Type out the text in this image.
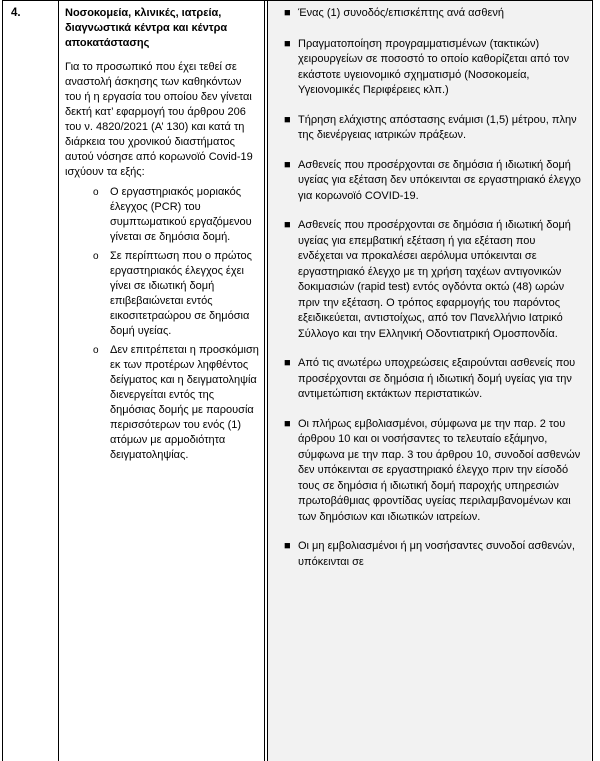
4.	Νοσοκομεία, κλινικές, ιατρεία, διαγνωστικά κέντρα και κέντρα αποκατάστασης

Για το προσωπικό που έχει τεθεί σε αναστολή άσκησης των καθηκόντων του ή η εργασία του οποίου δεν γίνεται δεκτή κατ’ εφαρμογή του άρθρου 206 του ν. 4820/2021 (Α’ 130) και κατά τη διάρκεια του χρονικού διαστήματος αυτού νόσησε από κορωνοϊό Covid-19 ισχύουν τα εξής:

o Ο εργαστηριακός μοριακός έλεγχος (PCR) του συμπτωματικού εργαζόμενου γίνεται σε δημόσια δομή.
o Σε περίπτωση που ο πρώτος εργαστηριακός έλεγχος έχει γίνει σε ιδιωτική δομή επιβεβαιώνεται εντός εικοσιτετραώρου σε δημόσια δομή υγείας.
o Δεν επιτρέπεται η προσκόμιση εκ των προτέρων ληφθέντος δείγματος και η δειγματοληψία διενεργείται εντός της δημόσιας δομής με παρουσία περισσότερων του ενός (1) ατόμων με αρμοδιότητα δειγματοληψίας.
■ Ένας (1) συνοδός/επισκέπτης ανά ασθενή
■ Πραγματοποίηση προγραμματισμένων (τακτικών) χειρουργείων σε ποσοστό το οποίο καθορίζεται από τον εκάστοτε υγειονομικό σχηματισμό (Νοσοκομεία, Υγειονομικές Περιφέρειες κλπ.)
■ Τήρηση ελάχιστης απόστασης ενάμισι (1,5) μέτρου, πλην της διενέργειας ιατρικών πράξεων.
■ Ασθενείς που προσέρχονται σε δημόσια ή ιδιωτική δομή υγείας για εξέταση δεν υπόκεινται σε εργαστηριακό έλεγχο για κορωνοϊό COVID-19.
■ Ασθενείς που προσέρχονται σε δημόσια ή ιδιωτική δομή υγείας για επεμβατική εξέταση ή για εξέταση που ενδέχεται να προκαλέσει αερόλυμα υπόκεινται σε εργαστηριακό έλεγχο με τη χρήση ταχέων αντιγονικών δοκιμασιών (rapid test) εντός ογδόντα οκτώ (48) ωρών πριν την εξέταση. Ο τρόπος εφαρμογής του παρόντος εξειδικεύεται, αντιστοίχως, από τον Πανελλήνιο Ιατρικό Σύλλογο και την Ελληνική Οδοντιατρική Ομοσπονδία.
■ Από τις ανωτέρω υποχρεώσεις εξαιρούνται ασθενείς που προσέρχονται σε δημόσια ή ιδιωτική δομή υγείας για την αντιμετώπιση εκτάκτων περιστατικών.
■ Οι πλήρως εμβολιασμένοι, σύμφωνα με την παρ. 2 του άρθρου 10 και οι νοσήσαντες το τελευταίο εξάμηνο, σύμφωνα με την παρ. 3 του άρθρου 10, συνοδοί ασθενών δεν υπόκεινται σε εργαστηριακό έλεγχο πριν την είσοδό τους σε δημόσια ή ιδιωτική δομή παροχής υπηρεσιών πρωτοβάθμιας φροντίδας υγείας περιλαμβανομένων και των δημόσιων και ιδιωτικών ιατρείων.
■ Οι μη εμβολιασμένοι ή μη νοσήσαντες συνοδοί ασθενών, υπόκεινται σε
